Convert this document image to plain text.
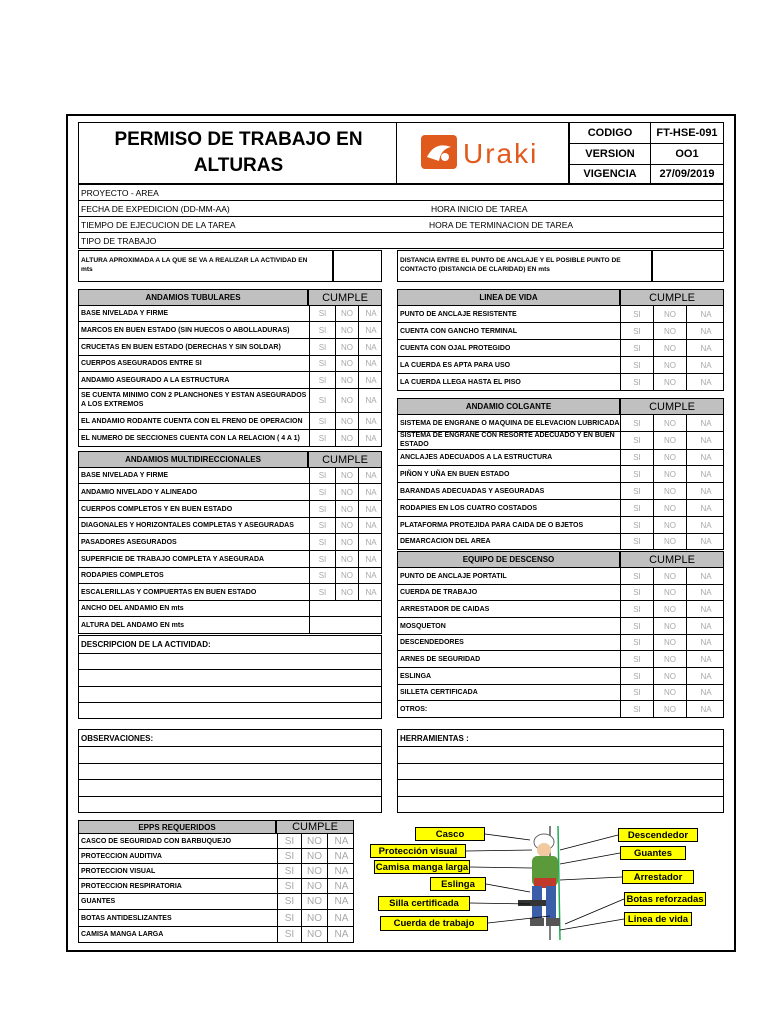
PERMISO DE TRABAJO EN
ALTURAS	Uraki
CODIGO	FT-HSE-091
VERSION	OO1
VIGENCIA	27/09/2019
PROYECTO - AREA
FECHA DE EXPEDICION (DD-MM-AA)	HORA INICIO DE TAREA
TIEMPO DE EJECUCION DE LA TAREA	HORA DE TERMINACION DE TAREA
TIPO DE TRABAJO
ALTURA APROXIMADA A LA QUE SE VA A REALIZAR LA ACTIVIDAD EN
mts
DISTANCIA ENTRE EL PUNTO DE ANCLAJE Y EL POSIBLE PUNTO DE
CONTACTO (DISTANCIA DE CLARIDAD) EN mts
ANDAMIOS TUBULARES	CUMPLE
BASE NIVELADA Y FIRME	SI	NO	NA
MARCOS EN BUEN ESTADO (SIN HUECOS O ABOLLADURAS)	SI	NO	NA
CRUCETAS EN BUEN ESTADO (DERECHAS Y SIN SOLDAR)	SI	NO	NA
CUERPOS ASEGURADOS ENTRE SI	SI	NO	NA
ANDAMIO ASEGURADO A LA ESTRUCTURA	SI	NO	NA
SE CUENTA MINIMO CON 2 PLANCHONES Y ESTAN ASEGURADOS
A LOS EXTREMOS	SI	NO	NA
EL ANDAMIO RODANTE CUENTA CON EL FRENO DE OPERACION	SI	NO	NA
EL NUMERO DE SECCIONES CUENTA CON LA RELACION ( 4 A 1)	SI	NO	NA
ANDAMIOS MULTIDIRECCIONALES	CUMPLE
BASE NIVELADA Y FIRME	SI	NO	NA
ANDAMIO NIVELADO Y ALINEADO	SI	NO	NA
CUERPOS COMPLETOS Y EN BUEN ESTADO	SI	NO	NA
DIAGONALES Y HORIZONTALES COMPLETAS Y ASEGURADAS	SI	NO	NA
PASADORES ASEGURADOS	SI	NO	NA
SUPERFICIE DE TRABAJO COMPLETA Y ASEGURADA	SI	NO	NA
RODAPIES COMPLETOS	SI	NO	NA
ESCALERILLAS Y COMPUERTAS EN BUEN ESTADO	SI	NO	NA
ANCHO DEL ANDAMIO EN mts
ALTURA DEL ANDAMO EN mts
LINEA DE VIDA	CUMPLE
PUNTO DE ANCLAJE RESISTENTE	SI	NO	NA
CUENTA CON GANCHO TERMINAL	SI	NO	NA
CUENTA CON OJAL PROTEGIDO	SI	NO	NA
LA CUERDA ES APTA PARA USO	SI	NO	NA
LA CUERDA LLEGA HASTA EL PISO	SI	NO	NA
ANDAMIO COLGANTE	CUMPLE
SISTEMA DE ENGRANE O MAQUINA DE ELEVACION LUBRICADA	SI	NO	NA
SISTEMA DE ENGRANE CON RESORTE ADECUADO Y EN BUEN
ESTADO	SI	NO	NA
ANCLAJES ADECUADOS A LA ESTRUCTURA	SI	NO	NA
PIÑON Y UÑA EN BUEN ESTADO	SI	NO	NA
BARANDAS ADECUADAS Y ASEGURADAS	SI	NO	NA
RODAPIES EN LOS CUATRO COSTADOS	SI	NO	NA
PLATAFORMA PROTEJIDA PARA CAIDA DE O BJETOS	SI	NO	NA
DEMARCACION DEL AREA	SI	NO	NA
EQUIPO DE DESCENSO	CUMPLE
PUNTO DE ANCLAJE PORTATIL	SI	NO	NA
CUERDA DE TRABAJO	SI	NO	NA
ARRESTADOR DE CAIDAS	SI	NO	NA
MOSQUETON	SI	NO	NA
DESCENDEDORES	SI	NO	NA
ARNES DE SEGURIDAD	SI	NO	NA
ESLINGA	SI	NO	NA
SILLETA CERTIFICADA	SI	NO	NA
OTROS:	SI	NO	NA
EPPS REQUERIDOS	CUMPLE
CASCO DE SEGURIDAD CON BARBUQUEJO	SI	NO	NA
PROTECCION AUDITIVA	SI	NO	NA
PROTECCION VISUAL	SI	NO	NA
PROTECCION RESPIRATORIA	SI	NO	NA
GUANTES	SI	NO	NA
BOTAS ANTIDESLIZANTES	SI	NO	NA
CAMISA MANGA LARGA	SI	NO	NA
DESCRIPCION DE LA ACTIVIDAD:
OBSERVACIONES:	HERRAMIENTAS :
Casco
Protección visual
Camisa manga larga
Eslinga
Silla certificada
Cuerda de trabajo
Descendedor
Guantes
Arrestador
Botas reforzadas
Linea de vida
